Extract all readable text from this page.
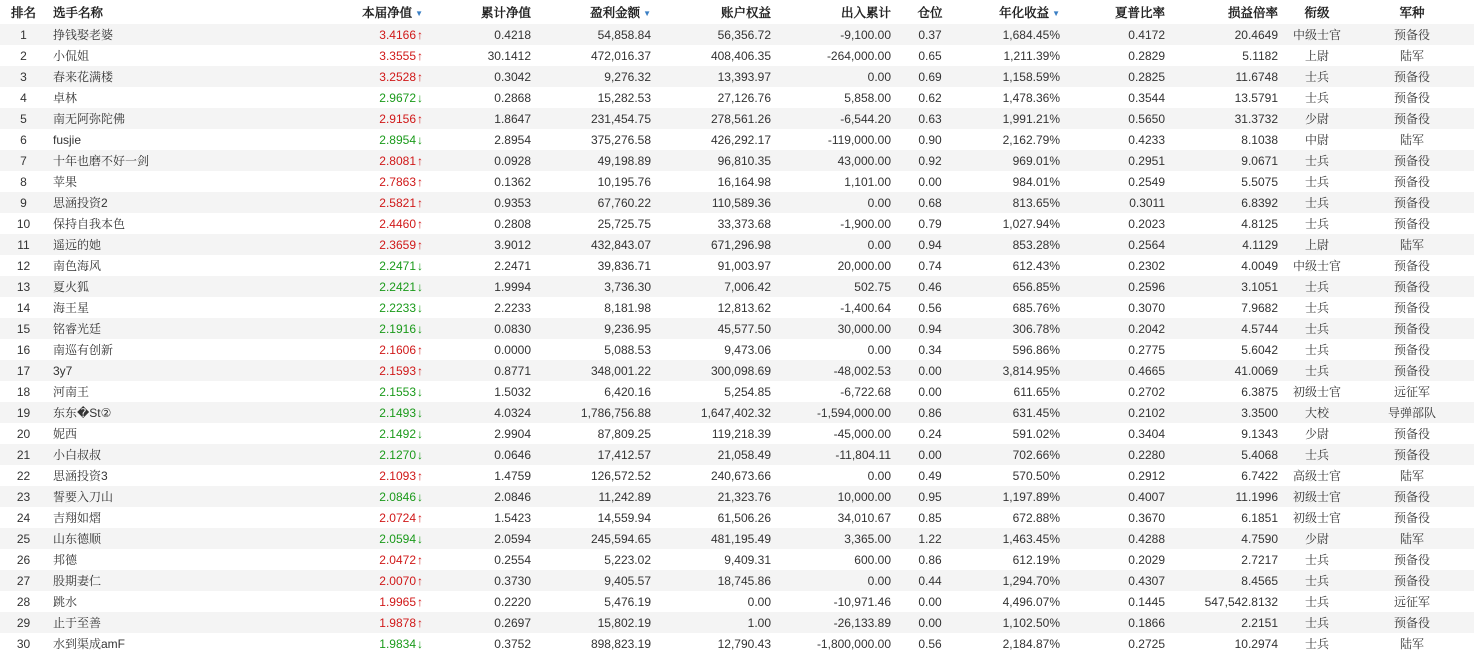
排名	选手名称	本届净值 ▼	累计净值	盈利金额 ▼	账户权益	出入累计	仓位	年化收益 ▼	夏普比率	损益倍率	衔级	军种
1	挣钱娶老婆	3.4166↑	0.4218	54,858.84	56,356.72	-9,100.00	0.37	1,684.45%	0.4172	20.4649	中级士官	预备役
2	小侃姐	3.3555↑	30.1412	472,016.37	408,406.35	-264,000.00	0.65	1,211.39%	0.2829	5.1182	上尉	陆军
3	春来花满楼	3.2528↑	0.3042	9,276.32	13,393.97	0.00	0.69	1,158.59%	0.2825	11.6748	士兵	预备役
4	卓林	2.9672↓	0.2868	15,282.53	27,126.76	5,858.00	0.62	1,478.36%	0.3544	13.5791	士兵	预备役
5	南无阿弥陀佛	2.9156↑	1.8647	231,454.75	278,561.26	-6,544.20	0.63	1,991.21%	0.5650	31.3732	少尉	预备役
6	fusjie	2.8954↓	2.8954	375,276.58	426,292.17	-119,000.00	0.90	2,162.79%	0.4233	8.1038	中尉	陆军
7	十年也磨不好一剑	2.8081↑	0.0928	49,198.89	96,810.35	43,000.00	0.92	969.01%	0.2951	9.0671	士兵	预备役
8	苹果	2.7863↑	0.1362	10,195.76	16,164.98	1,101.00	0.00	984.01%	0.2549	5.5075	士兵	预备役
9	思涵投资2	2.5821↑	0.9353	67,760.22	110,589.36	0.00	0.68	813.65%	0.3011	6.8392	士兵	预备役
10	保持自我本色	2.4460↑	0.2808	25,725.75	33,373.68	-1,900.00	0.79	1,027.94%	0.2023	4.8125	士兵	预备役
11	遥远的她	2.3659↑	3.9012	432,843.07	671,296.98	0.00	0.94	853.28%	0.2564	4.1129	上尉	陆军
12	南色海风	2.2471↓	2.2471	39,836.71	91,003.97	20,000.00	0.74	612.43%	0.2302	4.0049	中级士官	预备役
13	夏火狐	2.2421↓	1.9994	3,736.30	7,006.42	502.75	0.46	656.85%	0.2596	3.1051	士兵	预备役
14	海王星	2.2233↓	2.2233	8,181.98	12,813.62	-1,400.64	0.56	685.76%	0.3070	7.9682	士兵	预备役
15	铭睿光廷	2.1916↓	0.0830	9,236.95	45,577.50	30,000.00	0.94	306.78%	0.2042	4.5744	士兵	预备役
16	南巡有创新	2.1606↑	0.0000	5,088.53	9,473.06	0.00	0.34	596.86%	0.2775	5.6042	士兵	预备役
17	3y7	2.1593↑	0.8771	348,001.22	300,098.69	-48,002.53	0.00	3,814.95%	0.4665	41.0069	士兵	预备役
18	河南王	2.1553↓	1.5032	6,420.16	5,254.85	-6,722.68	0.00	611.65%	0.2702	6.3875	初级士官	远征军
19	东东�St②	2.1493↓	4.0324	1,786,756.88	1,647,402.32	-1,594,000.00	0.86	631.45%	0.2102	3.3500	大校	导弹部队
20	妮西	2.1492↓	2.9904	87,809.25	119,218.39	-45,000.00	0.24	591.02%	0.3404	9.1343	少尉	预备役
21	小白叔叔	2.1270↓	0.0646	17,412.57	21,058.49	-11,804.11	0.00	702.66%	0.2280	5.4068	士兵	预备役
22	思涵投资3	2.1093↑	1.4759	126,572.52	240,673.66	0.00	0.49	570.50%	0.2912	6.7422	高级士官	陆军
23	誓要入刀山	2.0846↓	2.0846	11,242.89	21,323.76	10,000.00	0.95	1,197.89%	0.4007	11.1996	初级士官	预备役
24	吉翔如熠	2.0724↑	1.5423	14,559.94	61,506.26	34,010.67	0.85	672.88%	0.3670	6.1851	初级士官	预备役
25	山东德顺	2.0594↓	2.0594	245,594.65	481,195.49	3,365.00	1.22	1,463.45%	0.4288	4.7590	少尉	陆军
26	邦德	2.0472↑	0.2554	5,223.02	9,409.31	600.00	0.86	612.19%	0.2029	2.7217	士兵	预备役
27	股期妻仁	2.0070↑	0.3730	9,405.57	18,745.86	0.00	0.44	1,294.70%	0.4307	8.4565	士兵	预备役
28	跳水	1.9965↑	0.2220	5,476.19	0.00	-10,971.46	0.00	4,496.07%	0.1445	547,542.8132	士兵	远征军
29	止于至善	1.9878↑	0.2697	15,802.19	1.00	-26,133.89	0.00	1,102.50%	0.1866	2.2151	士兵	预备役
30	水到渠成amF	1.9834↓	0.3752	898,823.19	12,790.43	-1,800,000.00	0.56	2,184.87%	0.2725	10.2974	士兵	陆军
